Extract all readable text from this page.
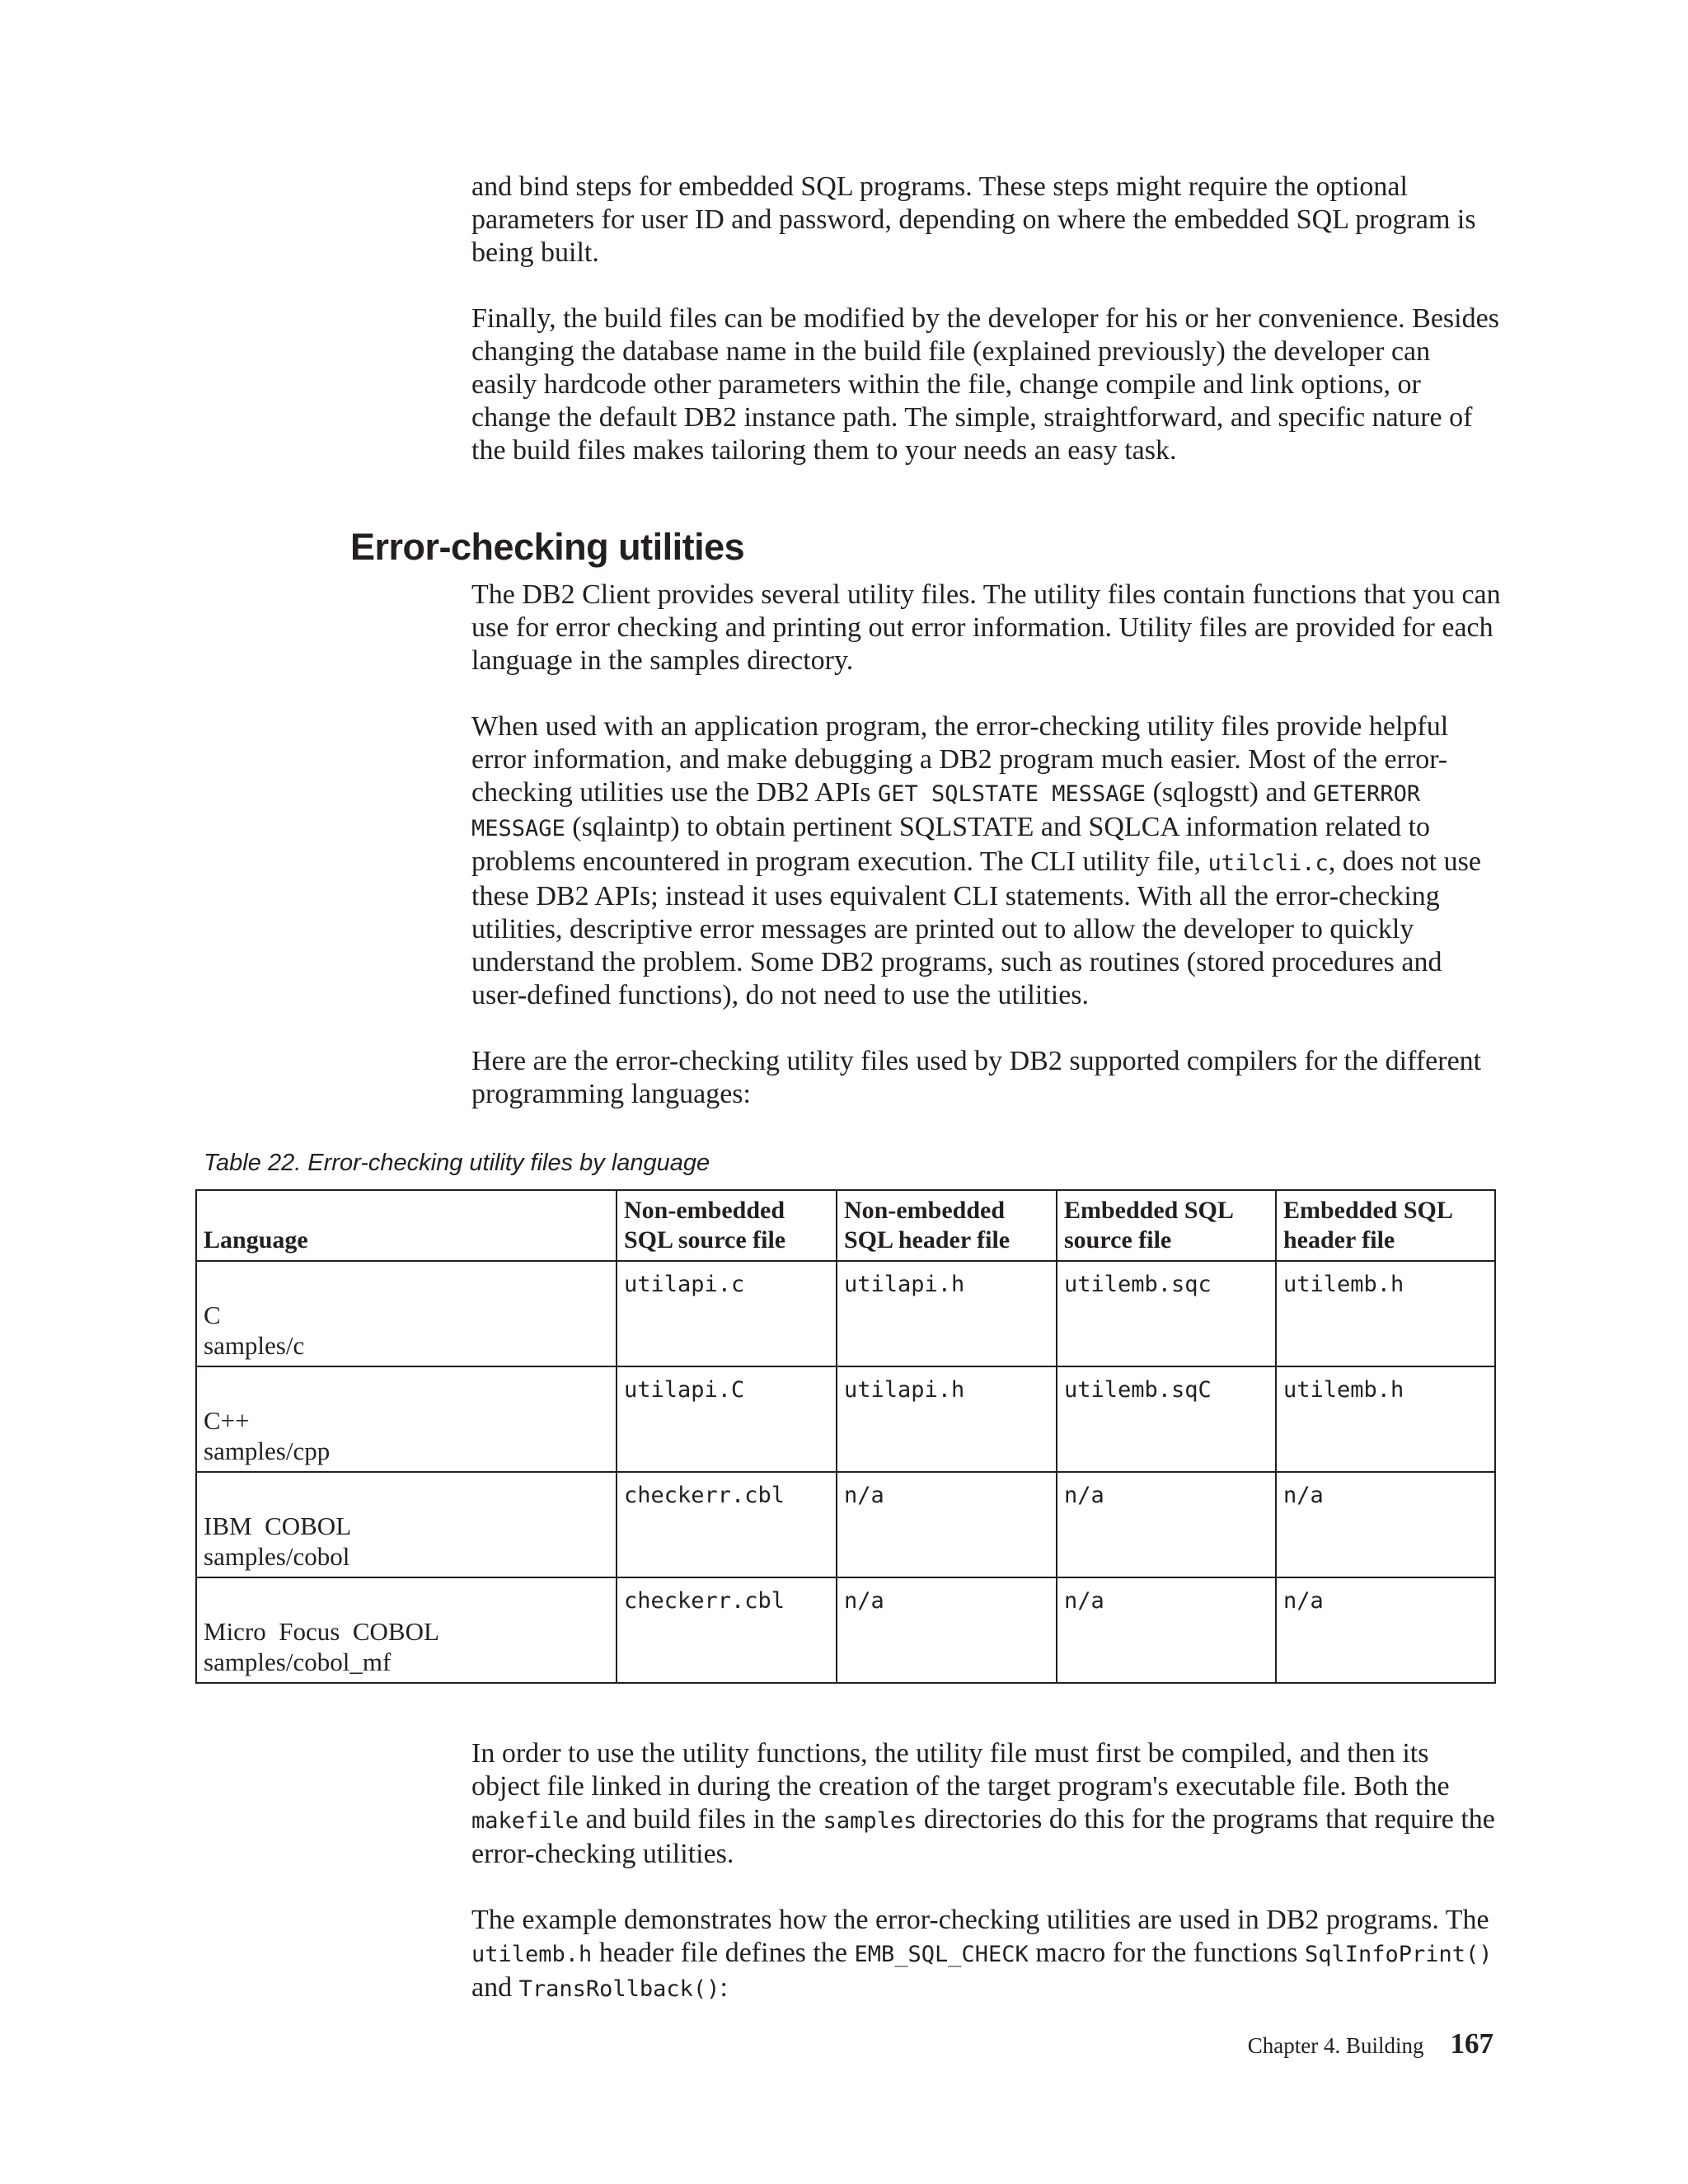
and bind steps for embedded SQL programs. These steps might require the optional parameters for user ID and password, depending on where the embedded SQL program is being built.

Finally, the build files can be modified by the developer for his or her convenience. Besides changing the database name in the build file (explained previously) the developer can easily hardcode other parameters within the file, change compile and link options, or change the default DB2 instance path. The simple, straightforward, and specific nature of the build files makes tailoring them to your needs an easy task.

Error-checking utilities

The DB2 Client provides several utility files. The utility files contain functions that you can use for error checking and printing out error information. Utility files are provided for each language in the samples directory.

When used with an application program, the error-checking utility files provide helpful error information, and make debugging a DB2 program much easier. Most of the error-checking utilities use the DB2 APIs GET SQLSTATE MESSAGE (sqlogstt) and GETERROR MESSAGE (sqlaintp) to obtain pertinent SQLSTATE and SQLCA information related to problems encountered in program execution. The CLI utility file, utilcli.c, does not use these DB2 APIs; instead it uses equivalent CLI statements. With all the error-checking utilities, descriptive error messages are printed out to allow the developer to quickly understand the problem. Some DB2 programs, such as routines (stored procedures and user-defined functions), do not need to use the utilities.

Here are the error-checking utility files used by DB2 supported compilers for the different programming languages:

Table 22. Error-checking utility files by language

Language	Non-embedded SQL source file	Non-embedded SQL header file	Embedded SQL source file	Embedded SQL header file

C
samples/c	utilapi.c	utilapi.h	utilemb.sqc	utilemb.h

C++
samples/cpp	utilapi.C	utilapi.h	utilemb.sqC	utilemb.h

IBM  COBOL
samples/cobol	checkerr.cbl	n/a	n/a	n/a

Micro  Focus  COBOL
samples/cobol_mf	checkerr.cbl	n/a	n/a	n/a

In order to use the utility functions, the utility file must first be compiled, and then its object file linked in during the creation of the target program's executable file. Both the makefile and build files in the samples directories do this for the programs that require the error-checking utilities.

The example demonstrates how the error-checking utilities are used in DB2 programs. The utilemb.h header file defines the EMB_SQL_CHECK macro for the functions SqlInfoPrint() and TransRollback():

Chapter 4. Building 167
